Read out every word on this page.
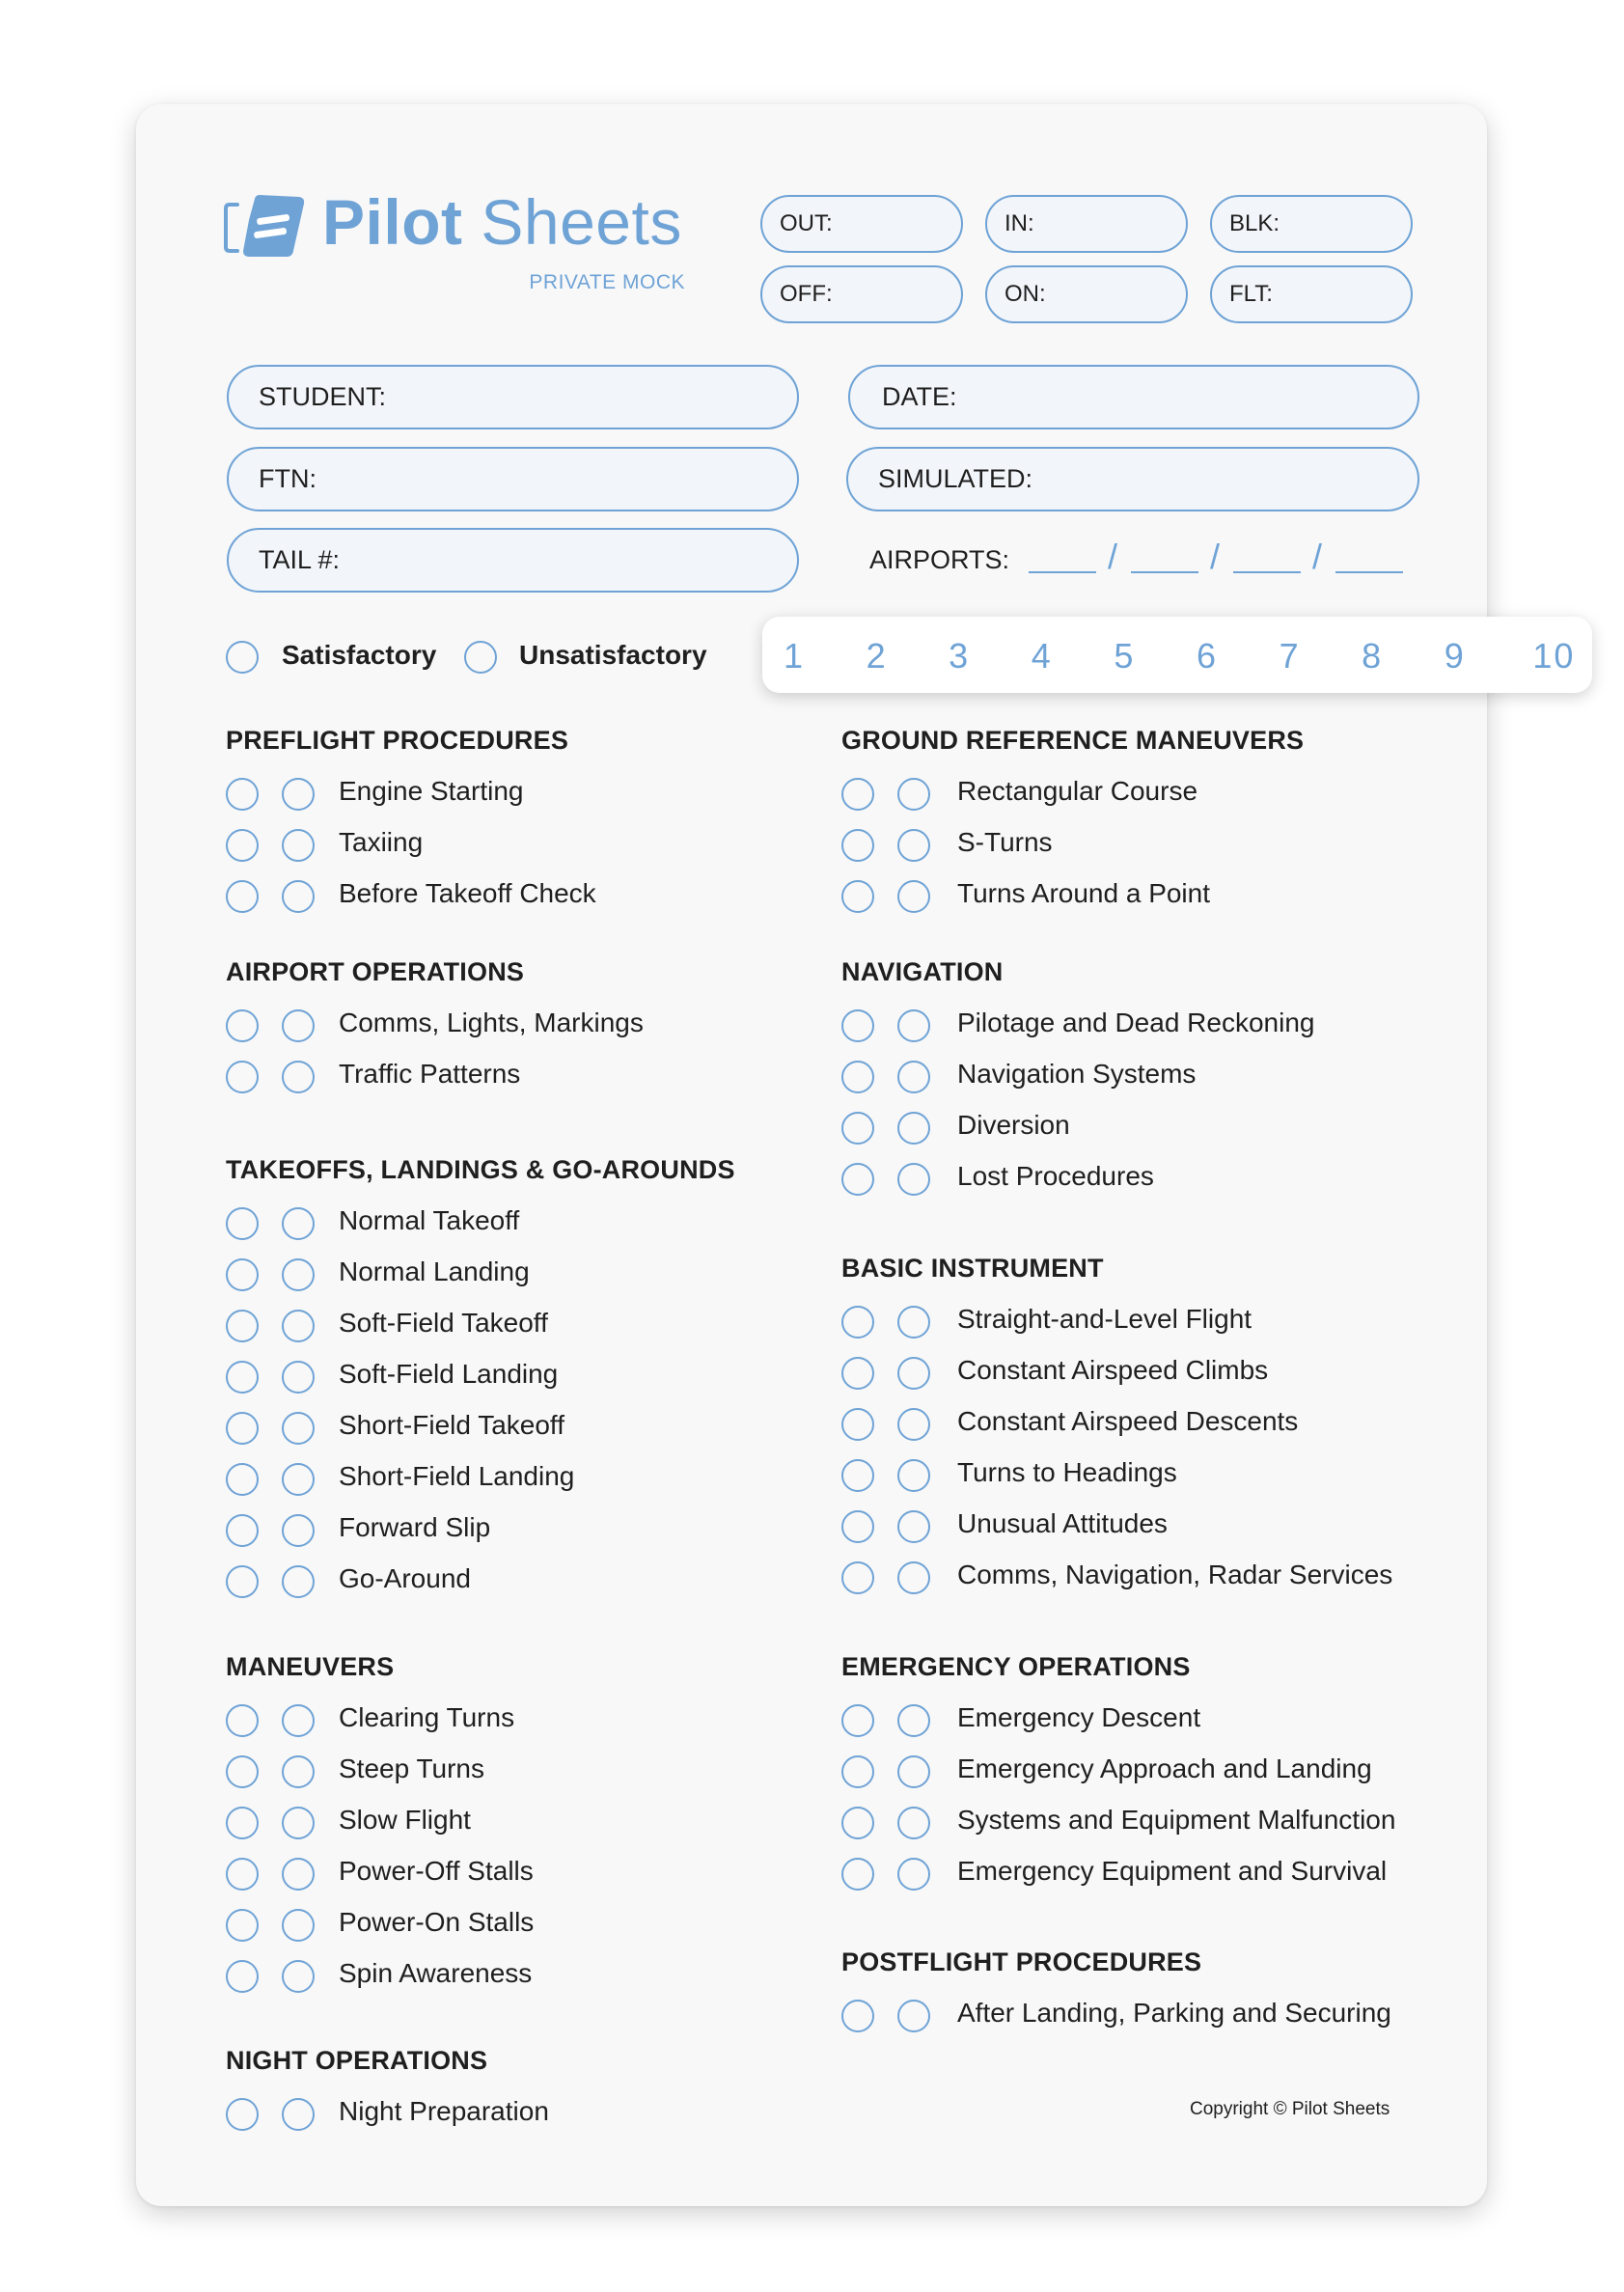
Pilot Sheets
PRIVATE MOCK
OUT:	IN:	BLK:
OFF:	ON:	FLT:
STUDENT:	DATE:
FTN:	SIMULATED:
TAIL #:	AIRPORTS:	/	/	/
Satisfactory	Unsatisfactory	1	2	3	4	5	6	7	8	9	10
PREFLIGHT PROCEDURES
Engine Starting
Taxiing
Before Takeoff Check
AIRPORT OPERATIONS
Comms, Lights, Markings
Traffic Patterns
TAKEOFFS, LANDINGS & GO-AROUNDS
Normal Takeoff
Normal Landing
Soft-Field Takeoff
Soft-Field Landing
Short-Field Takeoff
Short-Field Landing
Forward Slip
Go-Around
MANEUVERS
Clearing Turns
Steep Turns
Slow Flight
Power-Off Stalls
Power-On Stalls
Spin Awareness
NIGHT OPERATIONS
Night Preparation
GROUND REFERENCE MANEUVERS
Rectangular Course
S-Turns
Turns Around a Point
NAVIGATION
Pilotage and Dead Reckoning
Navigation Systems
Diversion
Lost Procedures
BASIC INSTRUMENT
Straight-and-Level Flight
Constant Airspeed Climbs
Constant Airspeed Descents
Turns to Headings
Unusual Attitudes
Comms, Navigation, Radar Services
EMERGENCY OPERATIONS
Emergency Descent
Emergency Approach and Landing
Systems and Equipment Malfunction
Emergency Equipment and Survival
POSTFLIGHT PROCEDURES
After Landing, Parking and Securing
Copyright © Pilot Sheets
